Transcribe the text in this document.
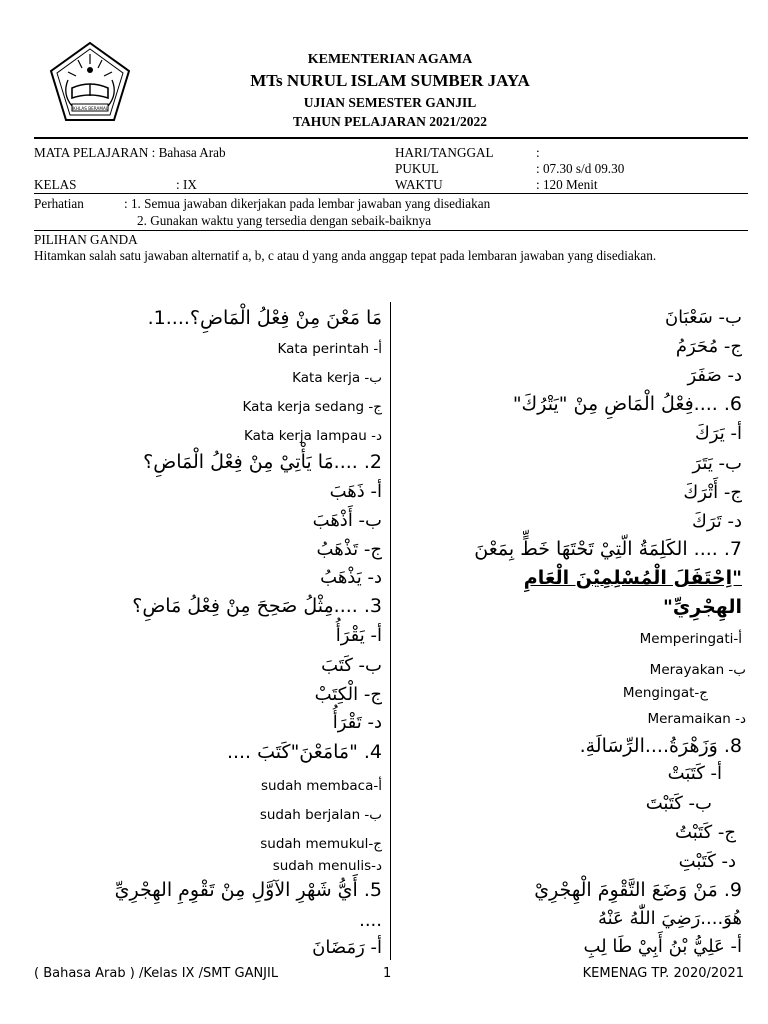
IKHLAS BERAMAL
KEMENTERIAN AGAMA
MTs NURUL ISLAM SUMBER JAYA
UJIAN SEMESTER GANJIL
TAHUN PELAJARAN 2021/2022
MATA PELAJARAN : Bahasa Arab	HARI/TANGGAL	:
PUKUL	: 07.30 s/d 09.30
KELAS	: IX	WAKTU	: 120 Menit
Perhatian	: 1. Semua jawaban dikerjakan pada lembar jawaban yang disediakan
2. Gunakan waktu yang tersedia dengan sebaik-baiknya
PILIHAN GANDA
Hitamkan salah satu jawaban alternatif a, b, c atau d yang anda anggap tepat pada lembaran jawaban yang disediakan.
مَا مَعْنَ مِنْ فِعْلُ الْمَاضِ؟....1.
أ- Kata perintah
ب- Kata kerja
ج- Kata kerja sedang
د- Kata kerja lampau
2. ....مَا يَأْتِيْ مِنْ فِعْلُ الْمَاضِ؟
أ- ذَهَبَ
ب- أَذْهَبَ
ج- تَذْهَبُ
د- يَذْهَبُ
3. ....مِثْلُ صَحِحَ مِنْ فِعْلُ مَاضِ؟
أ- يَقْرَأُ
ب- كَتَبَ
ج- الْكِتَبْ
د- تَقْرَأُ
4. "مَامَعْنَ"كَتَبَ ....
أ-sudah membaca
ب- sudah berjalan
ج-sudah memukul
د-sudah menulis
5. أَيُّ شَهْرِ الآوَّلِ مِنْ تَقْوِمِ الهِجْرِيِّ
....
أ- رَمَضَانَ
ب- سَعْبَانَ
ج- مُحَرَمُ
د- صَفَرَ
6. ....فِعْلُ الْمَاضِ مِنْ "يَتْرُكَ"
أ- يَرَكَ
ب- يَتَرَ
ج- أَتْرَكَ
د- تَرَكَ
7. .... الكَلِمَةُ الّتِيْ تَحْتَهَا خَطٍّ بِمَعْنَ
"اِحْتَفَلَ الْمُسْلِمِيْنَ الْعَامِ
الهِجْرِيِّ"
أ-Memperingati
ب- Merayakan
ج-Mengingat
د- Meramaikan
8. وَزَهْرَةُ....الرِّسَالَةِ.
أ- كَتَبَتْ
ب- كَتَبْتَ
ج- كَتَبْتُ
د- كَتَبْتِ
9. مَنْ وَضَعَ التَّقْوِمَ الْهِجْرِيْ
هُوَ....رَضِيَ اللّٰهُ عَنْهُ
أ- عَلِيُّ بْنُ أَبِيْ طَا لِبِ
( Bahasa Arab ) /Kelas IX /SMT GANJIL	1	KEMENAG TP. 2020/2021
